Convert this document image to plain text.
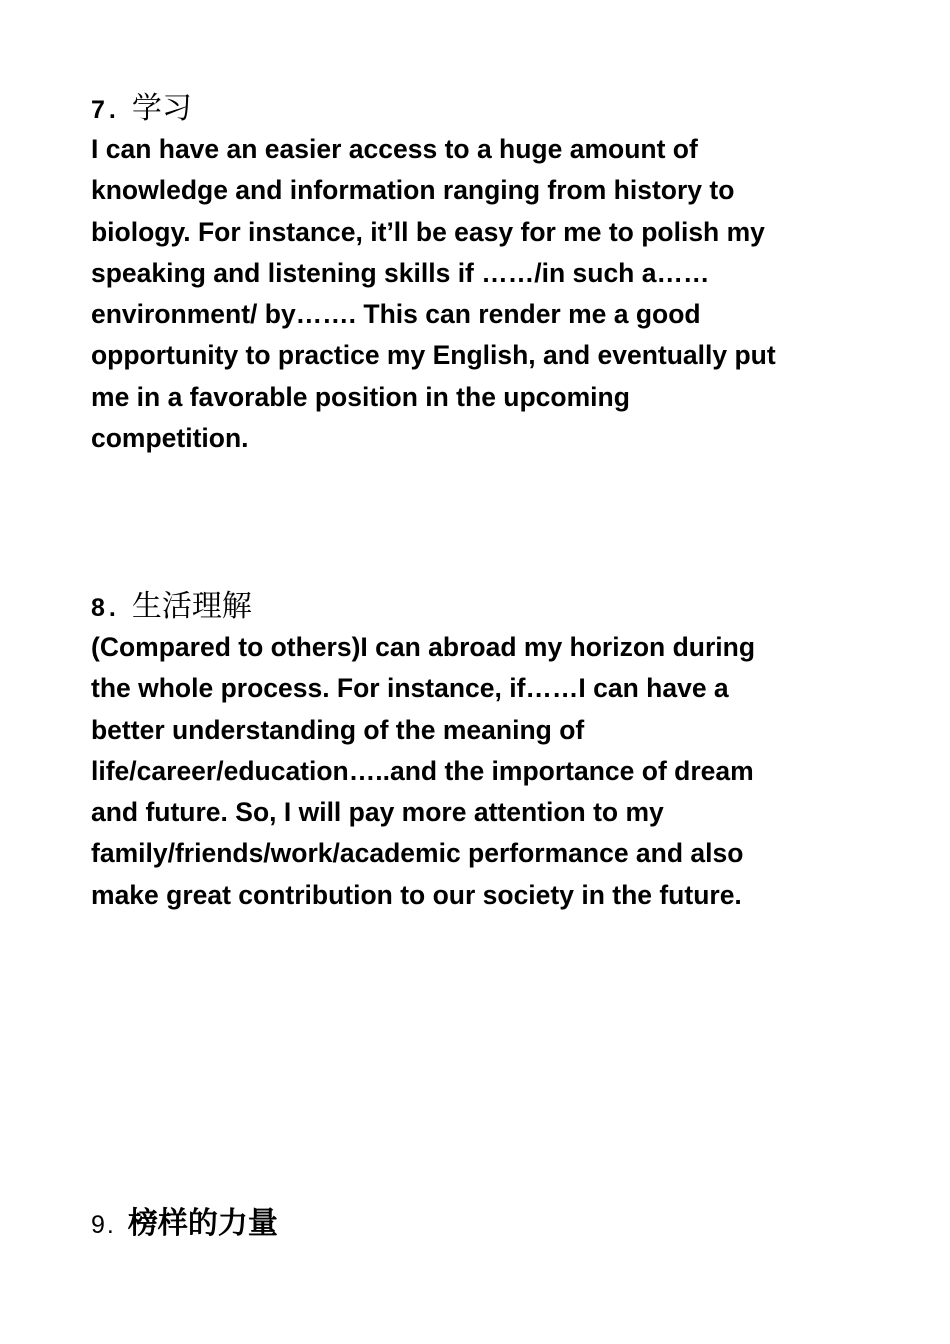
7 . 学习

I can have an easier access to a huge amount of
knowledge and information ranging from history to
biology. For instance, it’ll be easy for me to polish my
speaking and listening skills if ……/in such a……
environment/ by……. This can render me a good
opportunity to practice my English, and eventually put
me in a favorable position in the upcoming
competition.

8 . 生活理解

(Compared to others)I can abroad my horizon during
the whole process. For instance, if……I can have a
better understanding of the meaning of
life/career/education…..and the importance of dream
and future. So, I will pay more attention to my
family/friends/work/academic performance and also
make great contribution to our society in the future.

9. 榜样的力量
